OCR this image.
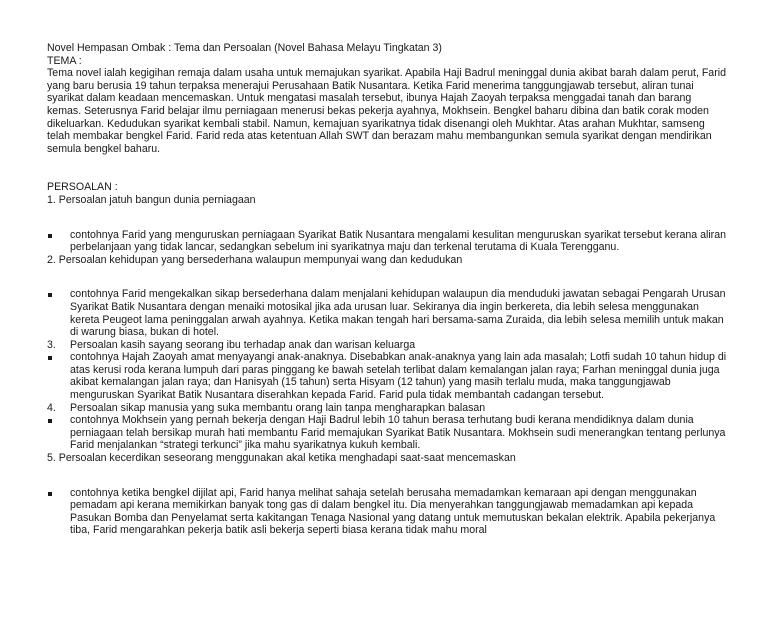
Novel Hempasan Ombak : Tema dan Persoalan (Novel Bahasa Melayu Tingkatan 3)

TEMA :

Tema novel ialah kegigihan remaja dalam usaha untuk memajukan syarikat. Apabila Haji Badrul meninggal dunia akibat barah dalam perut, Farid yang baru berusia 19 tahun terpaksa menerajui Perusahaan Batik Nusantara. Ketika Farid menerima tanggungjawab tersebut, aliran tunai syarikat dalam keadaan mencemaskan. Untuk mengatasi masalah tersebut, ibunya Hajah Zaoyah terpaksa menggadai tanah dan barang kemas. Seterusnya Farid belajar ilmu perniagaan menerusi bekas pekerja ayahnya, Mokhsein. Bengkel baharu dibina dan batik corak moden dikeluarkan. Kedudukan syarikat kembali stabil. Namun, kemajuan syarikatnya tidak disenangi oleh Mukhtar. Atas arahan Mukhtar, samseng telah membakar bengkel Farid. Farid reda atas ketentuan Allah SWT dan berazam mahu membangunkan semula syarikat dengan mendirikan semula bengkel baharu.

PERSOALAN :

1. Persoalan jatuh bangun dunia perniagaan

contohnya Farid yang menguruskan perniagaan Syarikat Batik Nusantara mengalami kesulitan menguruskan syarikat tersebut kerana aliran perbelanjaan yang tidak lancar, sedangkan sebelum ini syarikatnya maju dan terkenal terutama di Kuala Terengganu.

2. Persoalan kehidupan yang bersederhana walaupun mempunyai wang dan kedudukan

contohnya Farid mengekalkan sikap bersederhana dalam menjalani kehidupan walaupun dia menduduki jawatan sebagai Pengarah Urusan Syarikat Batik Nusantara dengan menaiki motosikal jika ada urusan luar. Sekiranya dia ingin berkereta, dia lebih selesa menggunakan kereta Peugeot lama peninggalan arwah ayahnya. Ketika makan tengah hari bersama-sama Zuraida, dia lebih selesa memilih untuk makan di warung biasa, bukan di hotel.
3. Persoalan kasih sayang seorang ibu terhadap anak dan warisan keluarga
contohnya Hajah Zaoyah amat menyayangi anak-anaknya. Disebabkan anak-anaknya yang lain ada masalah; Lotfi sudah 10 tahun hidup di atas kerusi roda kerana lumpuh dari paras pinggang ke bawah setelah terlibat dalam kemalangan jalan raya; Farhan meninggal dunia juga akibat kemalangan jalan raya; dan Hanisyah (15 tahun) serta Hisyam (12 tahun) yang masih terlalu muda, maka tanggungjawab menguruskan Syarikat Batik Nusantara diserahkan kepada Farid. Farid pula tidak membantah cadangan tersebut.
4. Persoalan sikap manusia yang suka membantu orang lain tanpa mengharapkan balasan
contohnya Mokhsein yang pernah bekerja dengan Haji Badrul lebih 10 tahun berasa terhutang budi kerana mendidiknya dalam dunia perniagaan telah bersikap murah hati membantu Farid memajukan Syarikat Batik Nusantara. Mokhsein sudi menerangkan tentang perlunya Farid menjalankan “strategi terkunci” jika mahu syarikatnya kukuh kembali.

5. Persoalan kecerdikan seseorang menggunakan akal ketika menghadapi saat-saat mencemaskan

contohnya ketika bengkel dijilat api, Farid hanya melihat sahaja setelah berusaha memadamkan kemaraan api dengan menggunakan pemadam api kerana memikirkan banyak tong gas di dalam bengkel itu. Dia menyerahkan tanggungjawab memadamkan api kepada Pasukan Bomba dan Penyelamat serta kakitangan Tenaga Nasional yang datang untuk memutuskan bekalan elektrik. Apabila pekerjanya tiba, Farid mengarahkan pekerja batik asli bekerja seperti biasa kerana tidak mahu moral
